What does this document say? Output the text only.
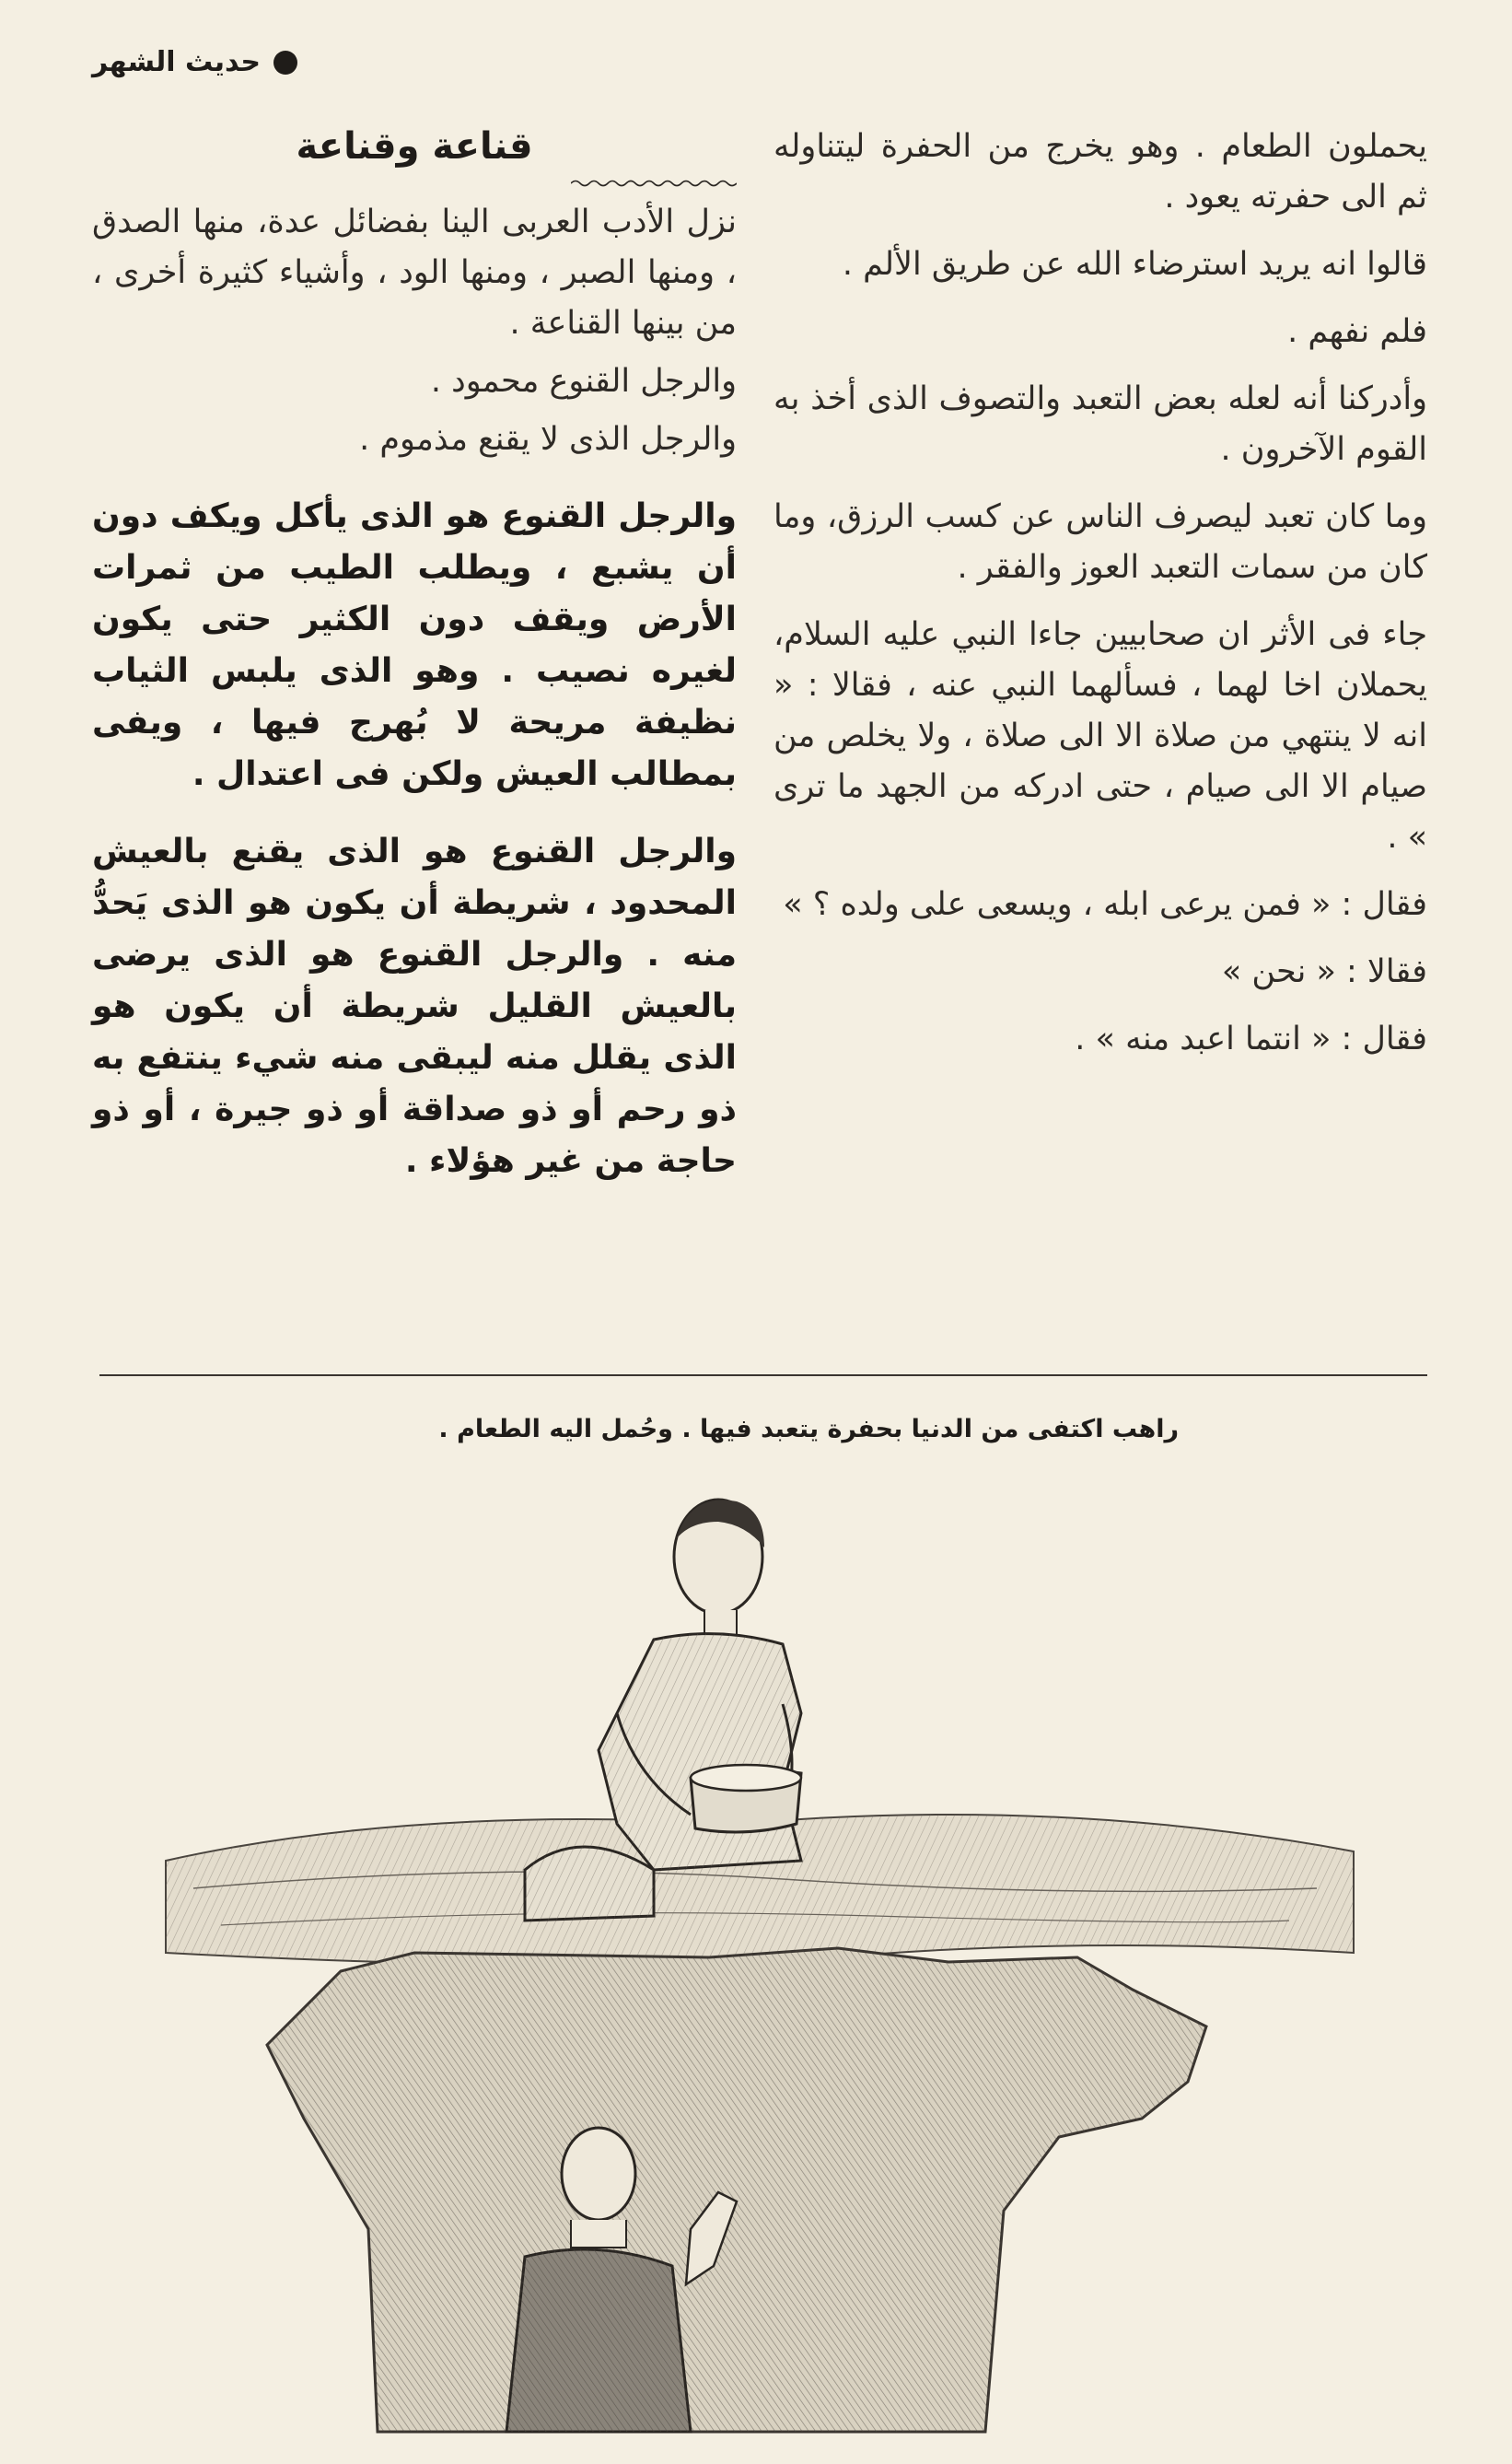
حديث الشهر

يحملون الطعام . وهو يخرج من الحفرة ليتناوله ثم الى حفرته يعود .

قالوا انه يريد استرضاء الله عن طريق الألم .

فلم نفهم .

وأدركنا أنه لعله بعض التعبد والتصوف الذى أخذ به القوم الآخرون .

وما كان تعبد ليصرف الناس عن كسب الرزق، وما كان من سمات التعبد العوز والفقر .

جاء فى الأثر ان صحابيين جاءا النبي عليه السلام، يحملان اخا لهما ، فسألهما النبي عنه ، فقالا : « انه لا ينتهي من صلاة الا الى صلاة ، ولا يخلص من صيام الا الى صيام ، حتى ادركه من الجهد ما ترى » .

فقال : « فمن يرعى ابله ، ويسعى على ولده ؟ »

فقالا : « نحن »

فقال : « انتما اعبد منه » .

قناعة وقناعة

نزل الأدب العربى الينا بفضائل عدة، منها الصدق ، ومنها الصبر ، ومنها الود ، وأشياء كثيرة أخرى ، من بينها القناعة .

والرجل القنوع محمود .

والرجل الذى لا يقنع مذموم .

والرجل القنوع هو الذى يأكل ويكف دون أن يشبع ، ويطلب الطيب من ثمرات الأرض ويقف دون الكثير حتى يكون لغيره نصيب . وهو الذى يلبس الثياب نظيفة مريحة لا بُهرج فيها ، ويفى بمطالب العيش ولكن فى اعتدال .

والرجل القنوع هو الذى يقنع بالعيش المحدود ، شريطة أن يكون هو الذى يَحدُّ منه . والرجل القنوع هو الذى يرضى بالعيش القليل شريطة أن يكون هو الذى يقلل منه ليبقى منه شيء ينتفع به ذو رحم أو ذو صداقة أو ذو جيرة ، أو ذو حاجة من غير هؤلاء .

راهب اكتفى من الدنيا بحفرة يتعبد فيها . وحُمل اليه الطعام .
